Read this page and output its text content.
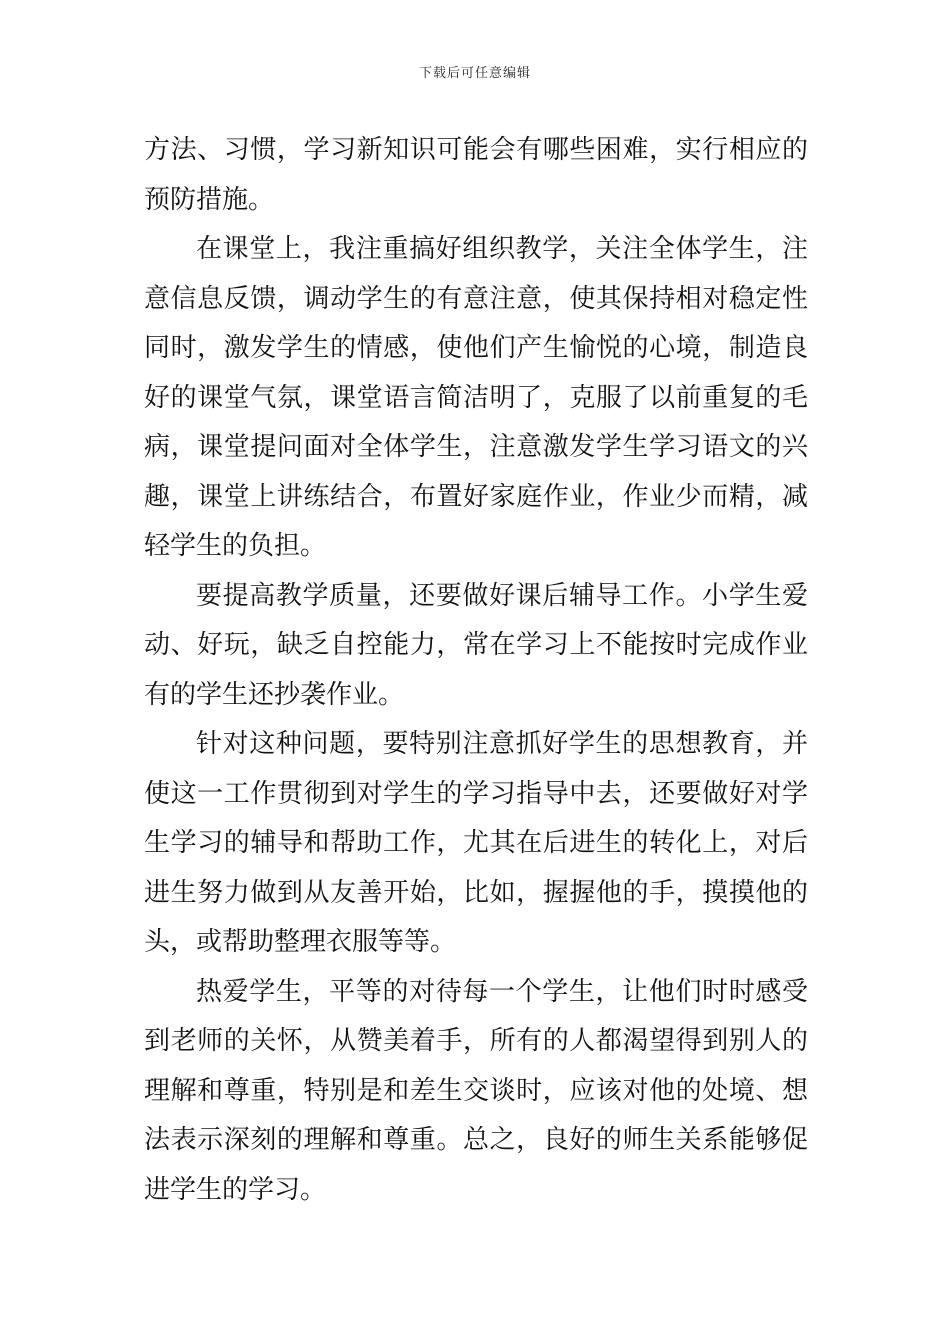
下载后可任意编辑
方法、习惯，学习新知识可能会有哪些困难，实行相应的
预防措施。
在课堂上，我注重搞好组织教学，关注全体学生，注
意信息反馈，调动学生的有意注意，使其保持相对稳定性
同时，激发学生的情感，使他们产生愉悦的心境，制造良
好的课堂气氛，课堂语言简洁明了，克服了以前重复的毛
病，课堂提问面对全体学生，注意激发学生学习语文的兴
趣，课堂上讲练结合，布置好家庭作业，作业少而精，减
轻学生的负担。
要提高教学质量，还要做好课后辅导工作。小学生爱
动、好玩，缺乏自控能力，常在学习上不能按时完成作业
有的学生还抄袭作业。
针对这种问题，要特别注意抓好学生的思想教育，并
使这一工作贯彻到对学生的学习指导中去，还要做好对学
生学习的辅导和帮助工作，尤其在后进生的转化上，对后
进生努力做到从友善开始，比如，握握他的手，摸摸他的
头，或帮助整理衣服等等。
热爱学生，平等的对待每一个学生，让他们时时感受
到老师的关怀，从赞美着手，所有的人都渴望得到别人的
理解和尊重，特别是和差生交谈时，应该对他的处境、想
法表示深刻的理解和尊重。总之，良好的师生关系能够促
进学生的学习。
